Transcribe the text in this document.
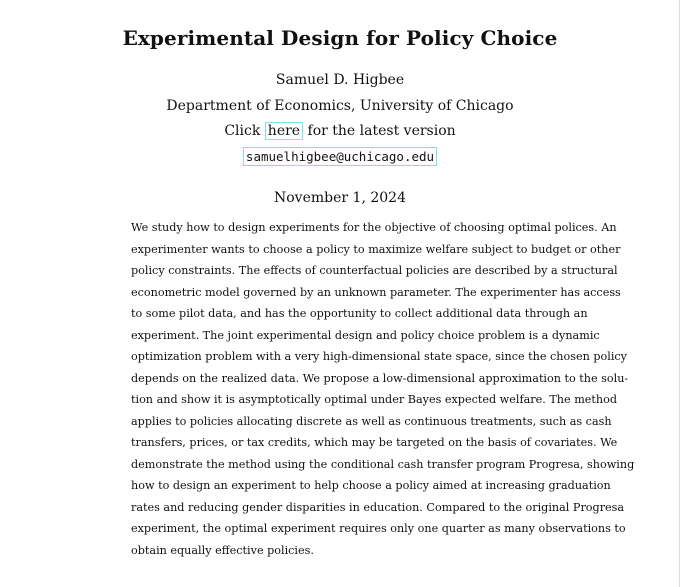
Experimental Design for Policy Choice
Samuel D. Higbee
Department of Economics, University of Chicago
Click here for the latest version
samuelhigbee@uchicago.edu
November 1, 2024
We study how to design experiments for the objective of choosing optimal polices. An
experimenter wants to choose a policy to maximize welfare subject to budget or other
policy constraints. The effects of counterfactual policies are described by a structural
econometric model governed by an unknown parameter. The experimenter has access
to some pilot data, and has the opportunity to collect additional data through an
experiment. The joint experimental design and policy choice problem is a dynamic
optimization problem with a very high-dimensional state space, since the chosen policy
depends on the realized data. We propose a low-dimensional approximation to the solu-
tion and show it is asymptotically optimal under Bayes expected welfare. The method
applies to policies allocating discrete as well as continuous treatments, such as cash
transfers, prices, or tax credits, which may be targeted on the basis of covariates. We
demonstrate the method using the conditional cash transfer program Progresa, showing
how to design an experiment to help choose a policy aimed at increasing graduation
rates and reducing gender disparities in education. Compared to the original Progresa
experiment, the optimal experiment requires only one quarter as many observations to
obtain equally effective policies.
